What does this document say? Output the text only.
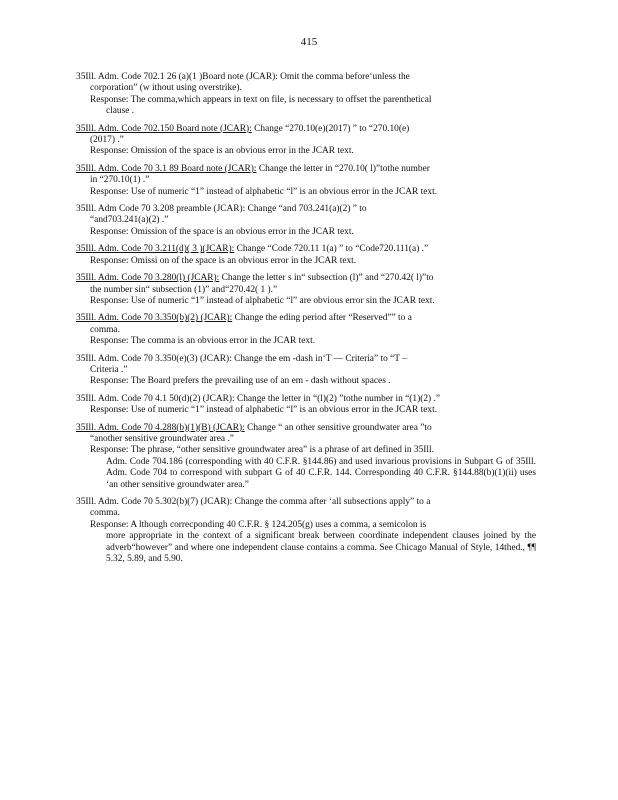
415
35Ill. Adm. Code 702.1 26 (a)(1 )Board note (JCAR): Omit the comma before‘unless the
corporation” (w ithout using overstrike).
Response: The comma,which appears in text on file, is necessary to offset the parenthetical
clause .
35Ill. Adm. Code 702.150 Board note (JCAR): Change “270.10(e)(2017) ” to “270.10(e)
(2017) .”
Response: Omission of the space is an obvious error in the JCAR text.
35Ill. Adm. Code 70 3.1 89 Board note (JCAR): Change the letter in “270.10( l)”tothe number
in “270.10(1) .”
Response: Use of numeric “1” instead of alphabetic “l” is an obvious error in the JCAR text.
35Ill. Adm Code 70 3.208 preamble (JCAR): Change “and 703.241(a)(2) ” to
“and703.241(a)(2) .”
Response: Omission of the space is an obvious error in the JCAR text.
35Ill. Adm. Code 70 3.211(d)( 3 )(JCAR): Change “Code 720.11 1(a) ” to “Code720.111(a) .”
Response: Omissi on of the space is an obvious error in the JCAR text.
35Ill. Adm. Code 70 3.280(l) (JCAR): Change the letter s in“ subsection (l)” and “270.42( l)”to
the number sin“ subsection (1)” and“270.42( 1 ).”
Response: Use of numeric “1” instead of alphabetic “l” are obvious error sin the JCAR text.
35Ill. Adm. Code 70 3.350(b)(2) (JCAR): Change the eding period after “Reserved”” to a
comma.
Response: The comma is an obvious error in the JCAR text.
35Ill. Adm. Code 70 3.350(e)(3) (JCAR): Change the em -dash in‘T — Criteria” to “T –
Criteria .”
Response: The Board prefers the prevailing use of an em - dash without spaces .
35Ill. Adm. Code 70 4.1 50(d)(2) (JCAR): Change the letter in “(l)(2) ”tothe number in “(1)(2) .”
Response: Use of numeric “1” instead of alphabetic “l” is an obvious error in the JCAR text.
35Ill. Adm. Code 70 4.288(b)(1)(B) (JCAR): Change “ an other sensitive groundwater area ”to
“another sensitive groundwater area .”
Response: The phrase, “other sensitive groundwater area” is a phrase of art defined in 35Ill.
Adm. Code 704.186 (corresponding with 40 C.F.R. §144.86) and used invarious provisions in Subpart G of 35Ill. Adm. Code 704 to correspond with subpart G of 40 C.F.R. 144. Corresponding 40 C.F.R. §144.88(b)(1)(ii) uses ‘an other sensitive groundwater area.”
35Ill. Adm. Code 70 5.302(b)(7) (JCAR): Change the comma after ‘all subsections apply” to a
comma.
Response: A lthough correcponding 40 C.F.R. § 124.205(g) uses a comma, a semicolon is
more appropriate in the context of a significant break between coordinate independent clauses joined by the adverb“however” and where one independent clause contains a comma. See Chicago Manual of Style, 14thed., ¶¶ 5.32, 5.89, and 5.90.
